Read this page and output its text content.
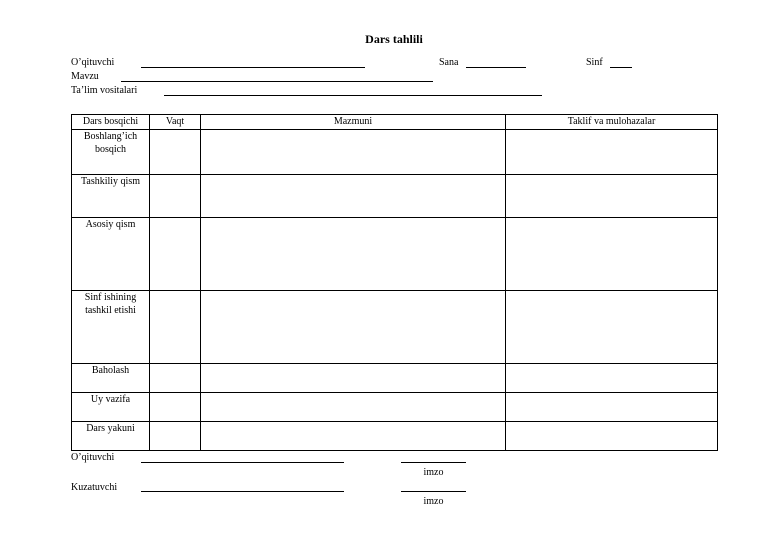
Dars tahlili
O’qituvchi	Sana	Sinf
Mavzu
Ta’lim vositalari
Dars bosqichi	Vaqt	Mazmuni	Taklif va mulohazalar
Boshlang’ich bosqich			
Tashkiliy qism			
Asosiy qism			
Sinf ishining tashkil etishi			
Baholash			
Uy vazifa			
Dars yakuni			
O’qituvchi
imzo
Kuzatuvchi
imzo
